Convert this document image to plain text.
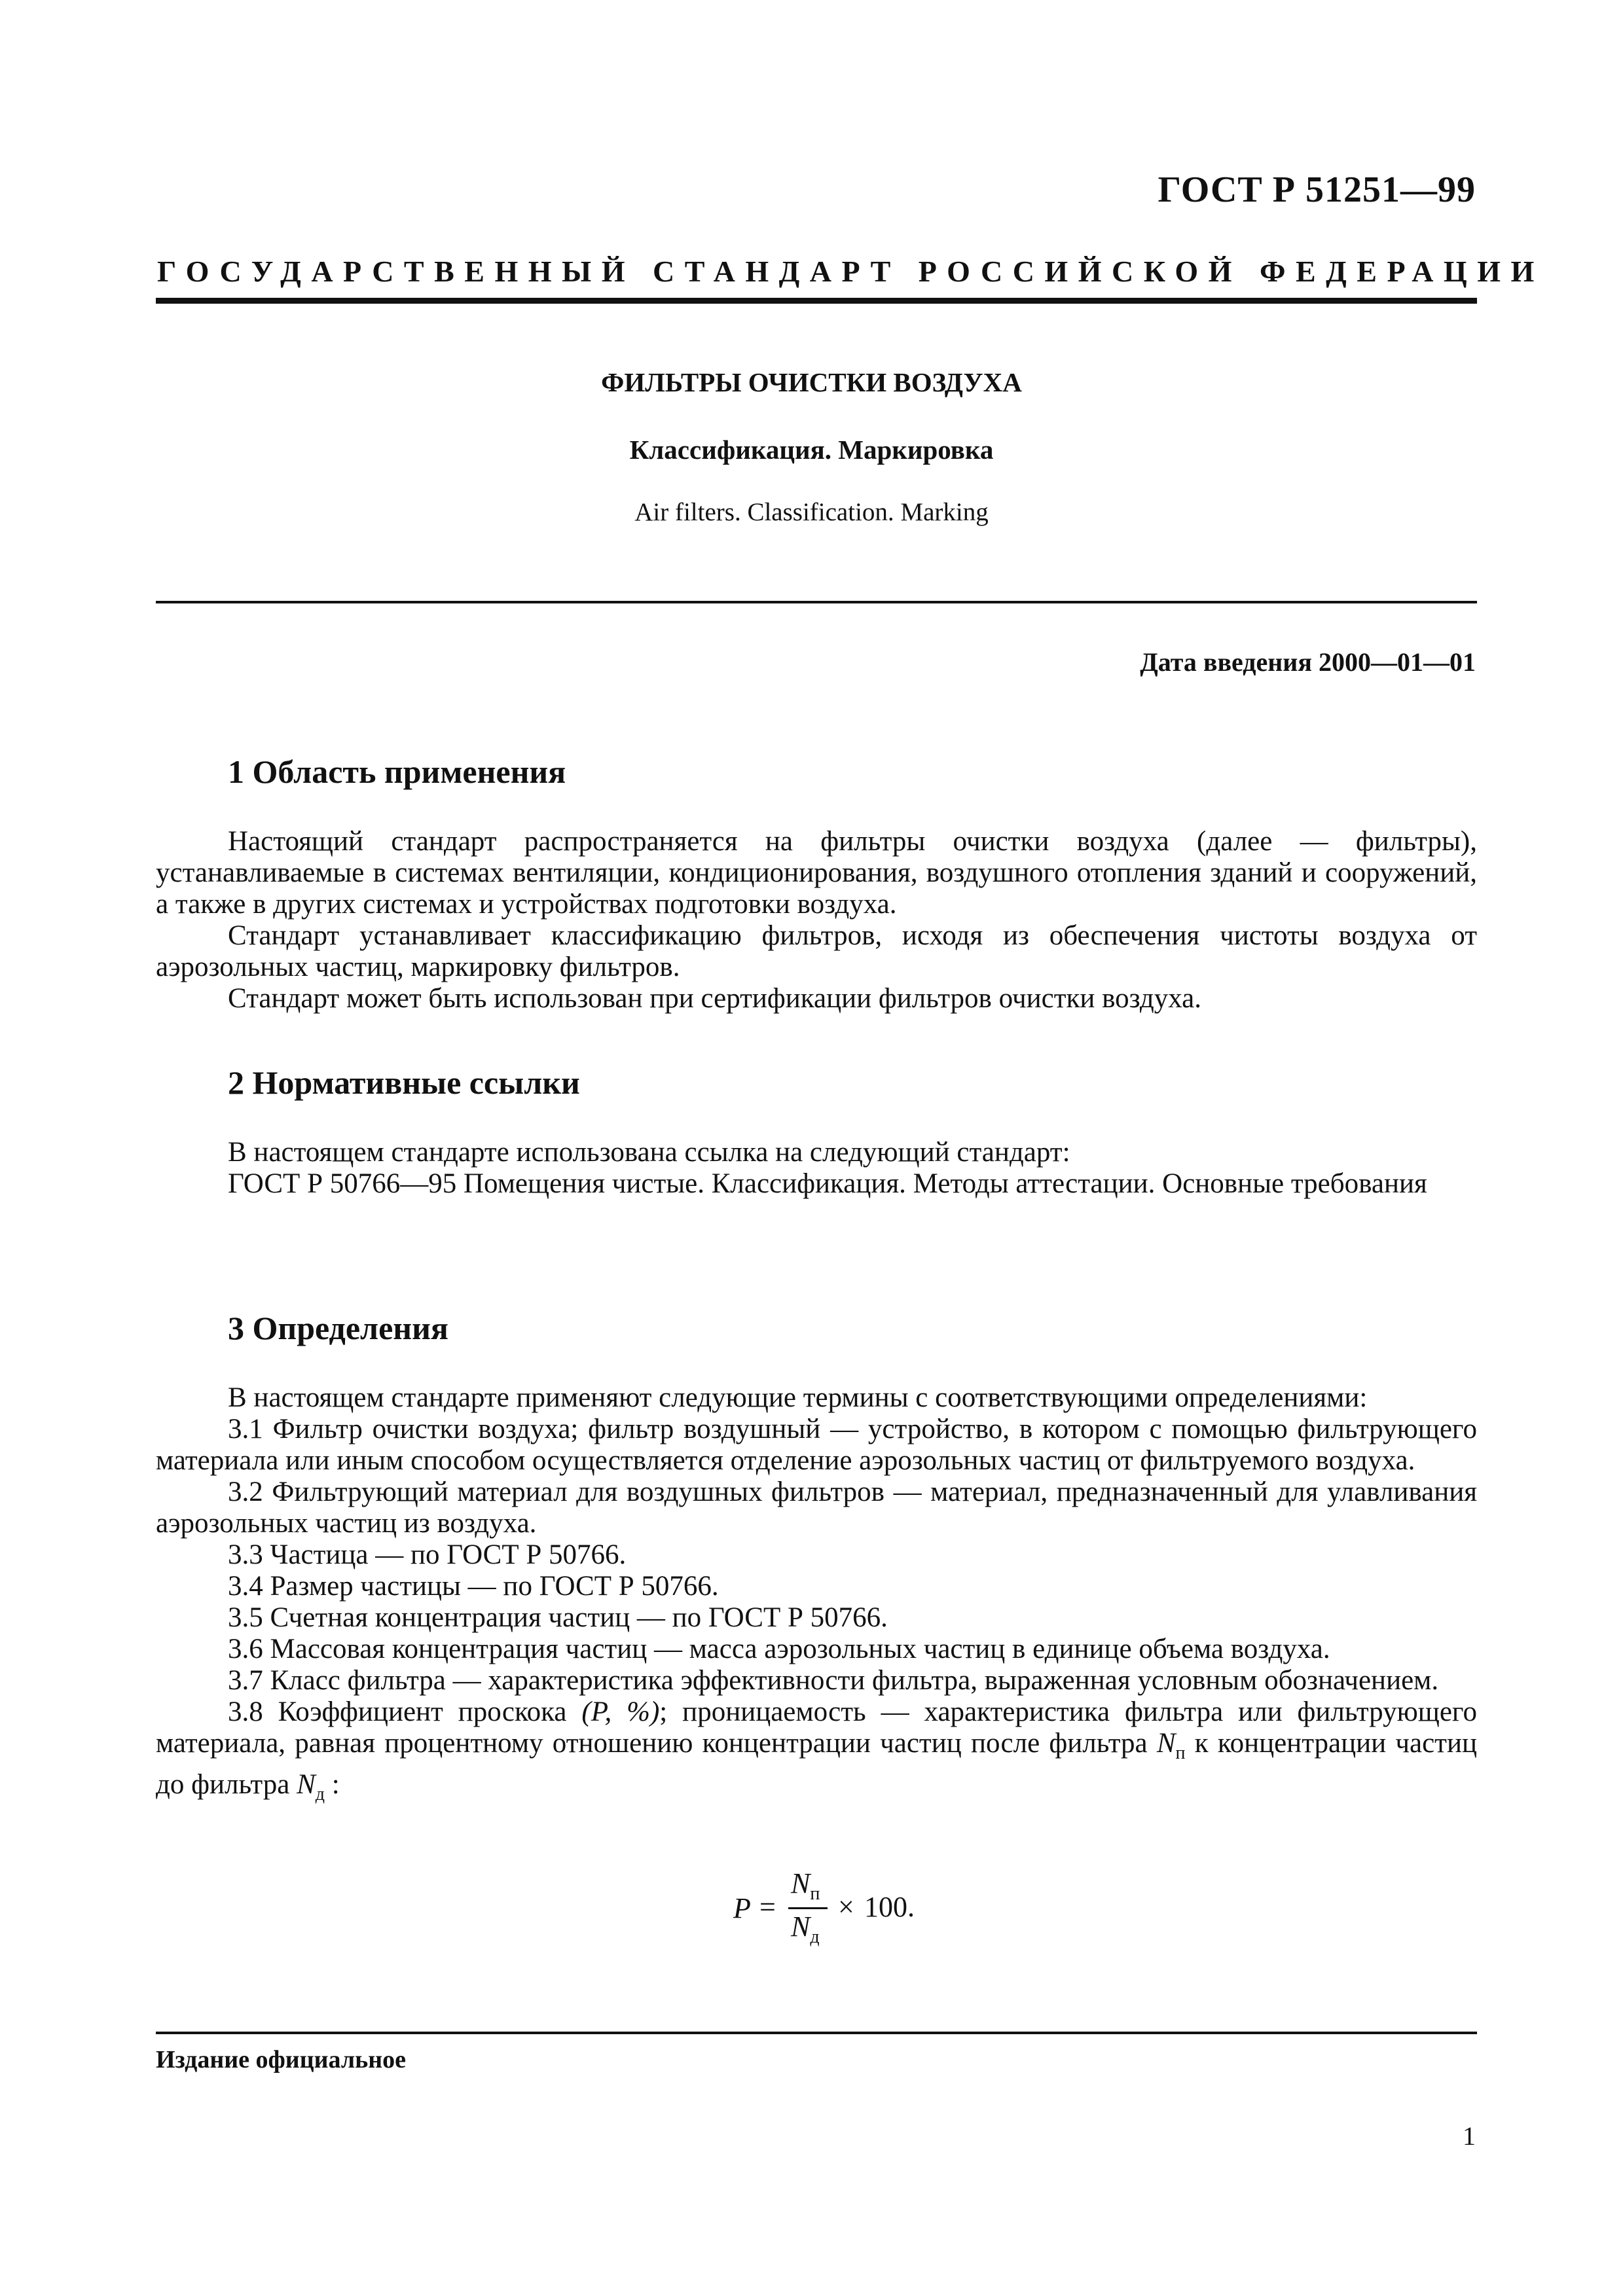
ГОСТ Р 51251—99
ГОСУДАРСТВЕННЫЙ СТАНДАРТ РОССИЙСКОЙ ФЕДЕРАЦИИ
ФИЛЬТРЫ ОЧИСТКИ ВОЗДУХА
Классификация. Маркировка
Air filters. Classification. Marking
Дата введения 2000—01—01
1 Область применения

Настоящий стандарт распространяется на фильтры очистки воздуха (далее — фильтры), устанавливаемые в системах вентиляции, кондиционирования, воздушного отопления зданий и сооружений, а также в других системах и устройствах подготовки воздуха.

Стандарт устанавливает классификацию фильтров, исходя из обеспечения чистоты воздуха от аэрозольных частиц, маркировку фильтров.

Стандарт может быть использован при сертификации фильтров очистки воздуха.

2 Нормативные ссылки

В настоящем стандарте использована ссылка на следующий стандарт:

ГОСТ Р 50766—95 Помещения чистые. Классификация. Методы аттестации. Основные требования

3 Определения

В настоящем стандарте применяют следующие термины с соответствующими определениями:

3.1 Фильтр очистки воздуха; фильтр воздушный — устройство, в котором с помощью фильтрующего материала или иным способом осуществляется отделение аэрозольных частиц от фильтруемого воздуха.

3.2 Фильтрующий материал для воздушных фильтров — материал, предназначенный для улавливания аэрозольных частиц из воздуха.

3.3 Частица — по ГОСТ Р 50766.

3.4 Размер частицы — по ГОСТ Р 50766.

3.5 Счетная концентрация частиц — по ГОСТ Р 50766.

3.6 Массовая концентрация частиц — масса аэрозольных частиц в единице объема воздуха.

3.7 Класс фильтра — характеристика эффективности фильтра, выраженная условным обозначением.

3.8 Коэффициент проскока (P, %); проницаемость — характеристика фильтра или фильтрующего материала, равная процентному отношению концентрации частиц после фильтра $N_п$ к концентрации частиц до фильтра $N_д$ :

P =
$N_п$
$N_д$
× 100.
Издание официальное
1
